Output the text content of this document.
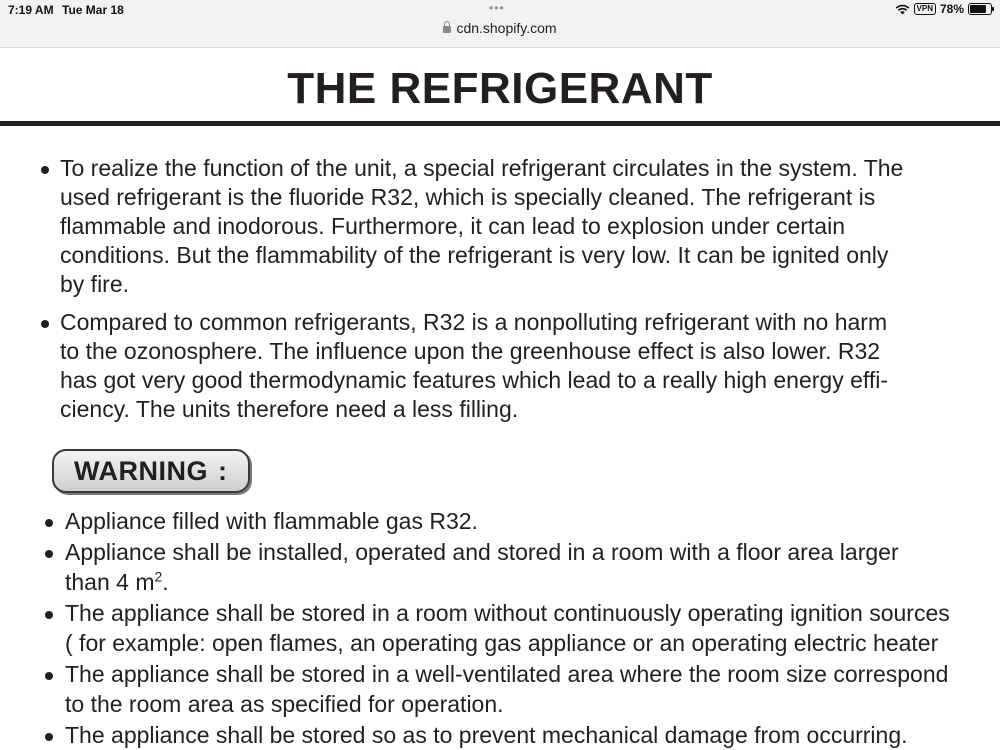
7:19 AM Tue Mar 18	•••	VPN 78%
cdn.shopify.com
THE REFRIGERANT
To realize the function of the unit, a special refrigerant circulates in the system. The
used refrigerant is the fluoride R32, which is specially cleaned. The refrigerant is
flammable and inodorous. Furthermore, it can lead to explosion under certain
conditions. But the flammability of the refrigerant is very low. It can be ignited only
by fire.
Compared to common refrigerants, R32 is a nonpolluting refrigerant with no harm
to the ozonosphere. The influence upon the greenhouse effect is also lower. R32
has got very good thermodynamic features which lead to a really high energy effi-
ciency. The units therefore need a less filling.
WARNING :
Appliance filled with flammable gas R32.
Appliance shall be installed, operated and stored in a room with a floor area larger
than 4 $m^2$.
The appliance shall be stored in a room without continuously operating ignition sources
( for example: open flames, an operating gas appliance or an operating electric heater
The appliance shall be stored in a well-ventilated area where the room size correspond
to the room area as specified for operation.
The appliance shall be stored so as to prevent mechanical damage from occurring.
